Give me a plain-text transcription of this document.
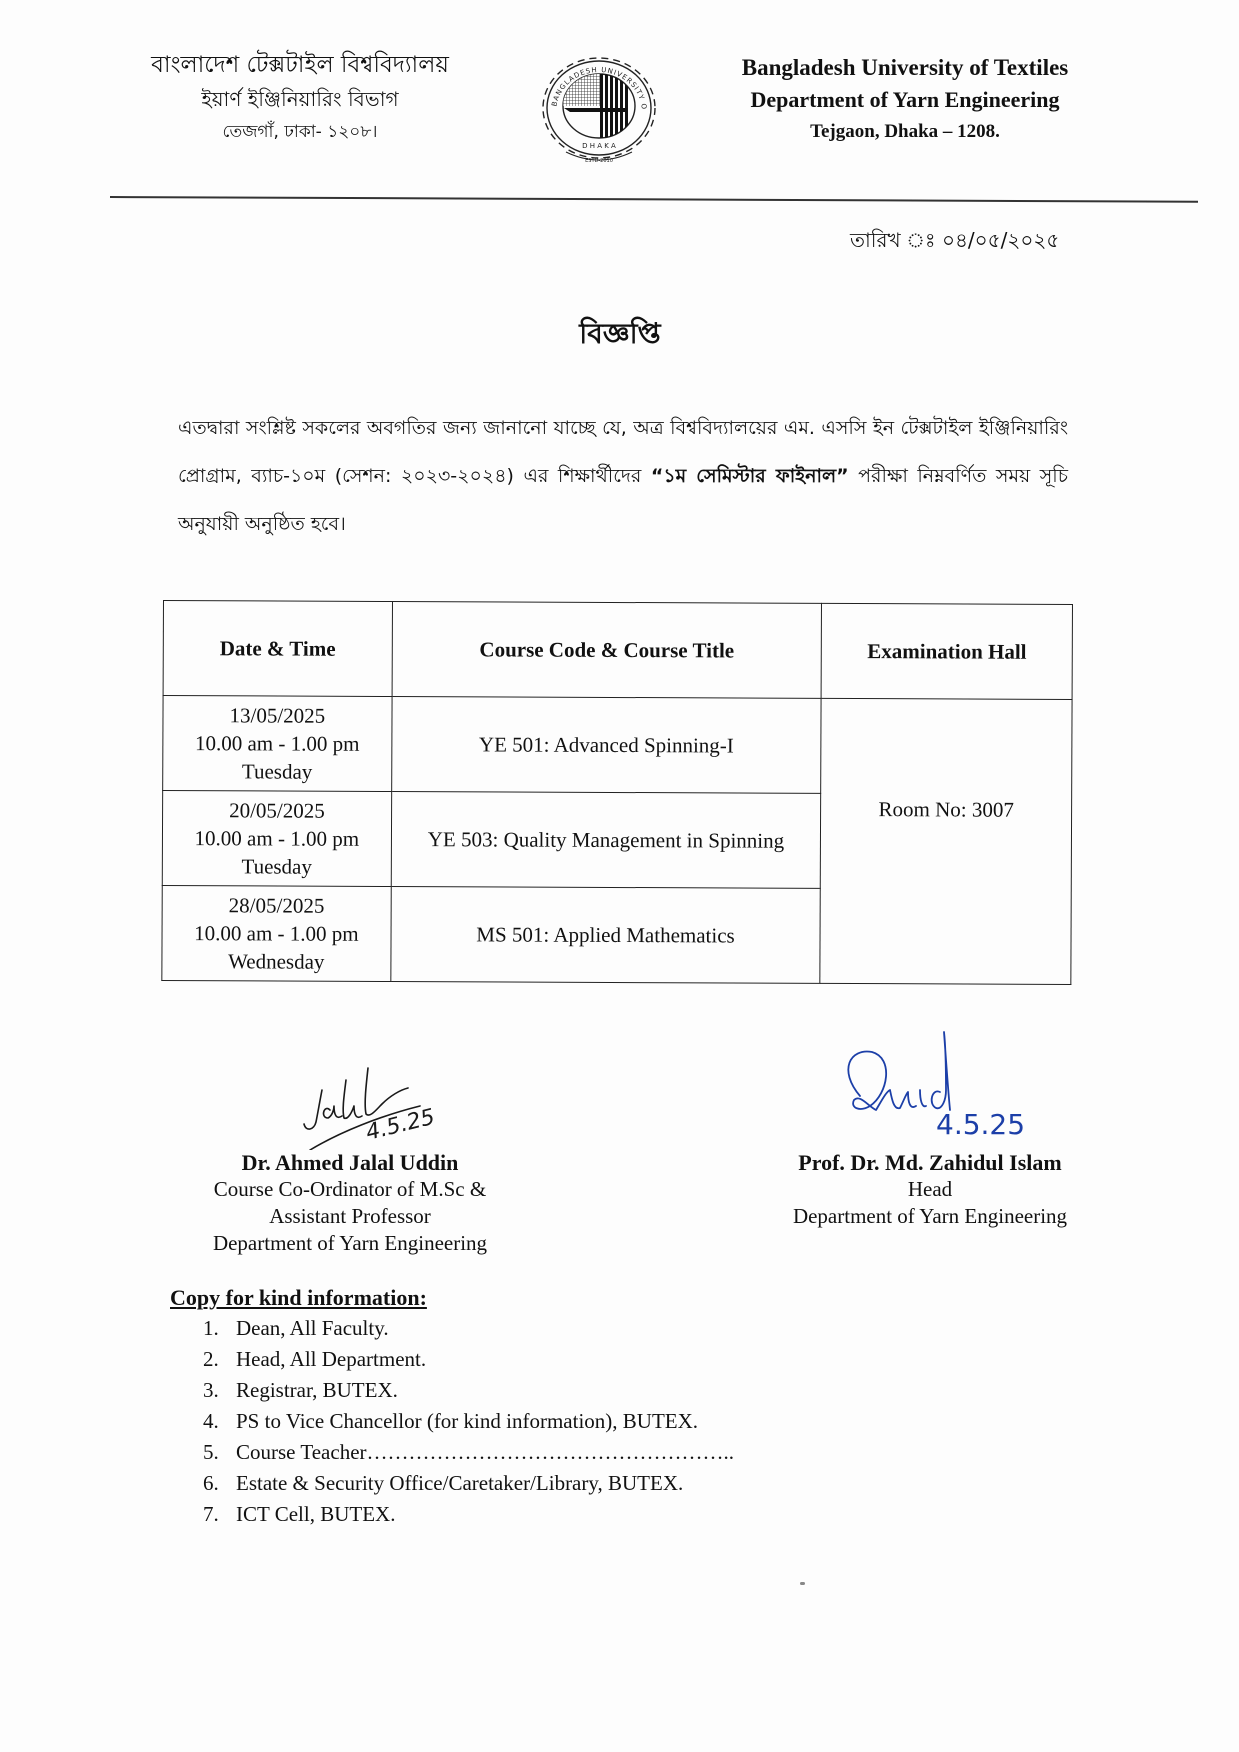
বাংলাদেশ টেক্সটাইল বিশ্ববিদ্যালয়
ইয়ার্ণ ইঞ্জিনিয়ারিং বিভাগ
তেজগাঁ, ঢাকা- ১২০৮।
BANGLADESH UNIVERSITY O
D H A K A
ESTD-2010
Bangladesh University of Textiles
Department of Yarn Engineering
Tejgaon, Dhaka – 1208.
তারিখ ঃ ০৪/০৫/২০২৫
বিজ্ঞপ্তি
এতদ্বারা সংশ্লিষ্ট সকলের অবগতির জন্য জানানো যাচ্ছে যে, অত্র বিশ্ববিদ্যালয়ের এম. এসসি ইন টেক্সটাইল ইঞ্জিনিয়ারিং প্রোগ্রাম, ব্যাচ-১০ম (সেশন: ২০২৩-২০২৪) এর শিক্ষার্থীদের “১ম সেমিস্টার ফাইনাল” পরীক্ষা নিম্নবর্ণিত সময় সূচি অনুযায়ী অনুষ্ঠিত হবে।
Date & Time	Course Code & Course Title	Examination Hall

13/05/2025
10.00 am - 1.00 pm
Tuesday	YE 501: Advanced Spinning-I	Room No: 3007

20/05/2025
10.00 am - 1.00 pm
Tuesday	YE 503: Quality Management in Spinning	

28/05/2025
10.00 am - 1.00 pm
Wednesday	MS 501: Applied Mathematics	
4.5.25
Dr. Ahmed Jalal Uddin
Course Co-Ordinator of M.Sc &
Assistant Professor
Department of Yarn Engineering
4.5.25
Prof. Dr. Md. Zahidul Islam
Head
Department of Yarn Engineering
Copy for kind information:
1. Dean, All Faculty.
2. Head, All Department.
3. Registrar, BUTEX.
4. PS to Vice Chancellor (for kind information), BUTEX.
5. Course Teacher……………………………………………..
6. Estate & Security Office/Caretaker/Library, BUTEX.
7. ICT Cell, BUTEX.
